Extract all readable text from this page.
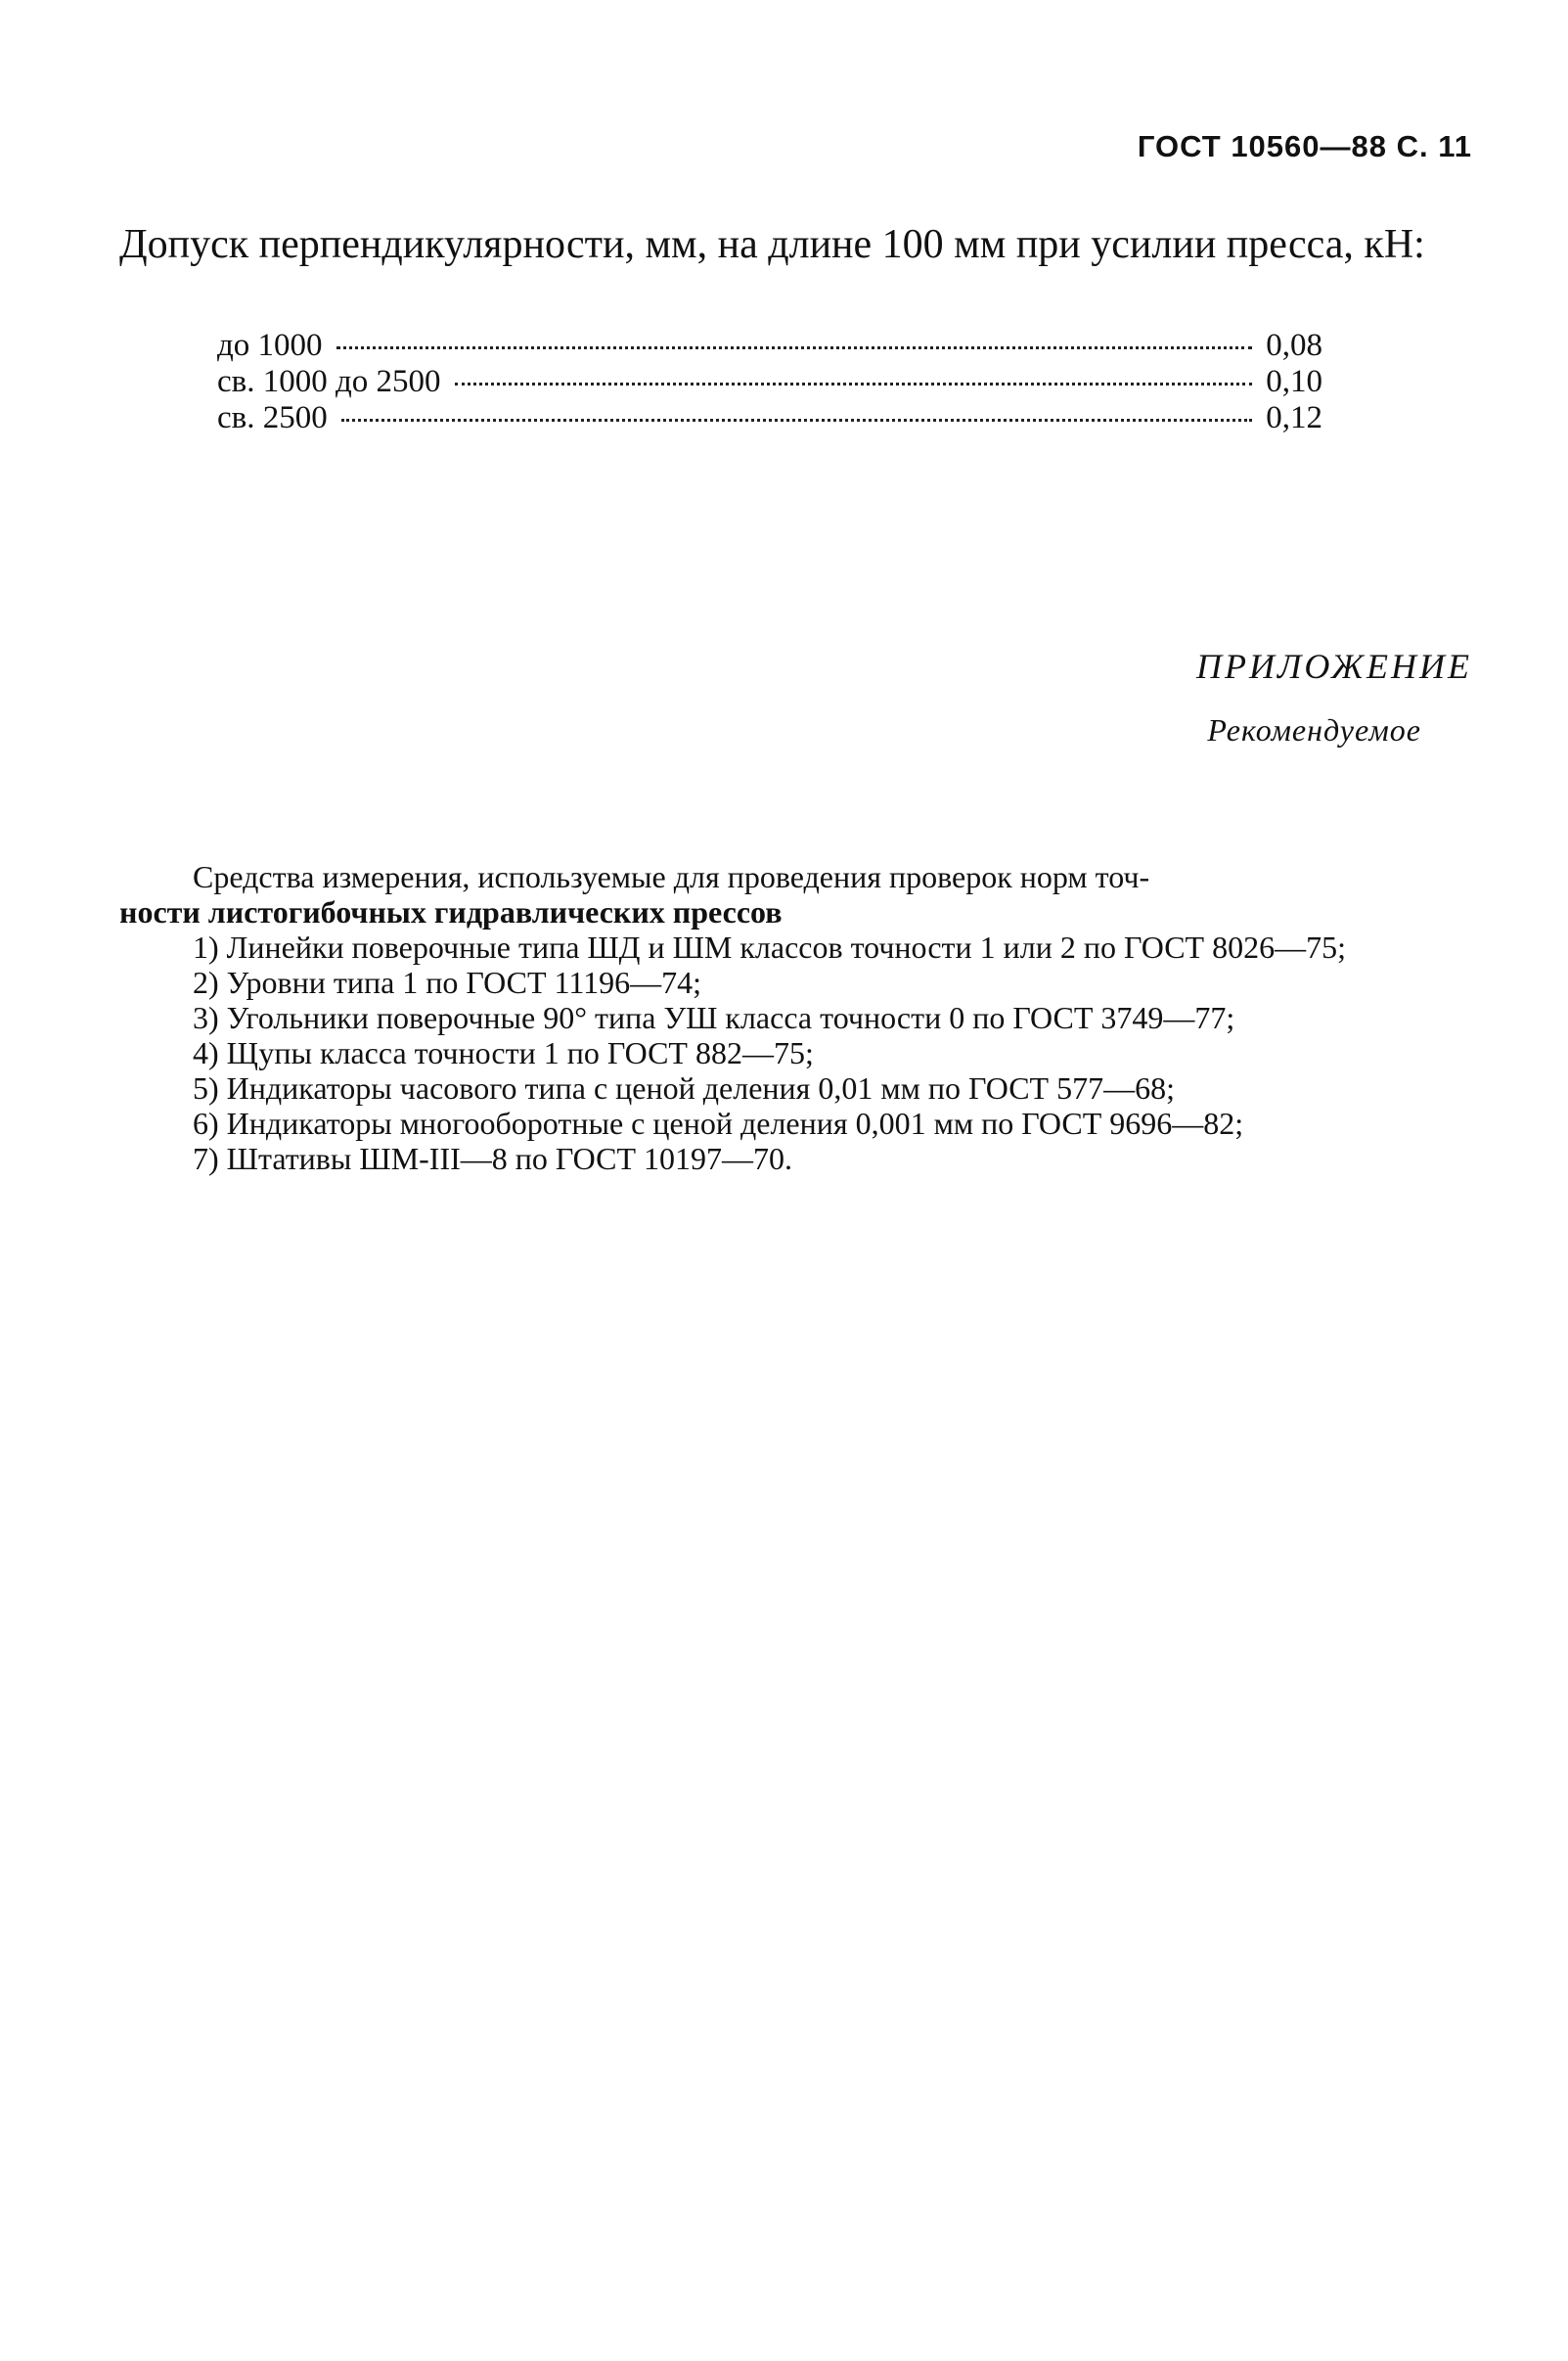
ГОСТ 10560—88 С. 11
Допуск перпендикулярности, мм, на длине 100 мм при усилии пресса, кН:
до 1000	0,08
св. 1000 до 2500	0,10
св. 2500	0,12
ПРИЛОЖЕНИЕ
Рекомендуемое

Средства измерения, используемые для проведения проверок норм точ-
ности листогибочных гидравлических прессов

1) Линейки поверочные типа ШД и ШМ классов точности 1 или 2 по ГОСТ 8026—75;

2) Уровни типа 1 по ГОСТ 11196—74;

3) Угольники поверочные 90° типа УШ класса точности 0 по ГОСТ 3749—77;

4) Щупы класса точности 1 по ГОСТ 882—75;

5) Индикаторы часового типа с ценой деления 0,01 мм по ГОСТ 577—68;

6) Индикаторы многооборотные с ценой деления 0,001 мм по ГОСТ 9696—82;

7) Штативы ШМ-III—8 по ГОСТ 10197—70.
